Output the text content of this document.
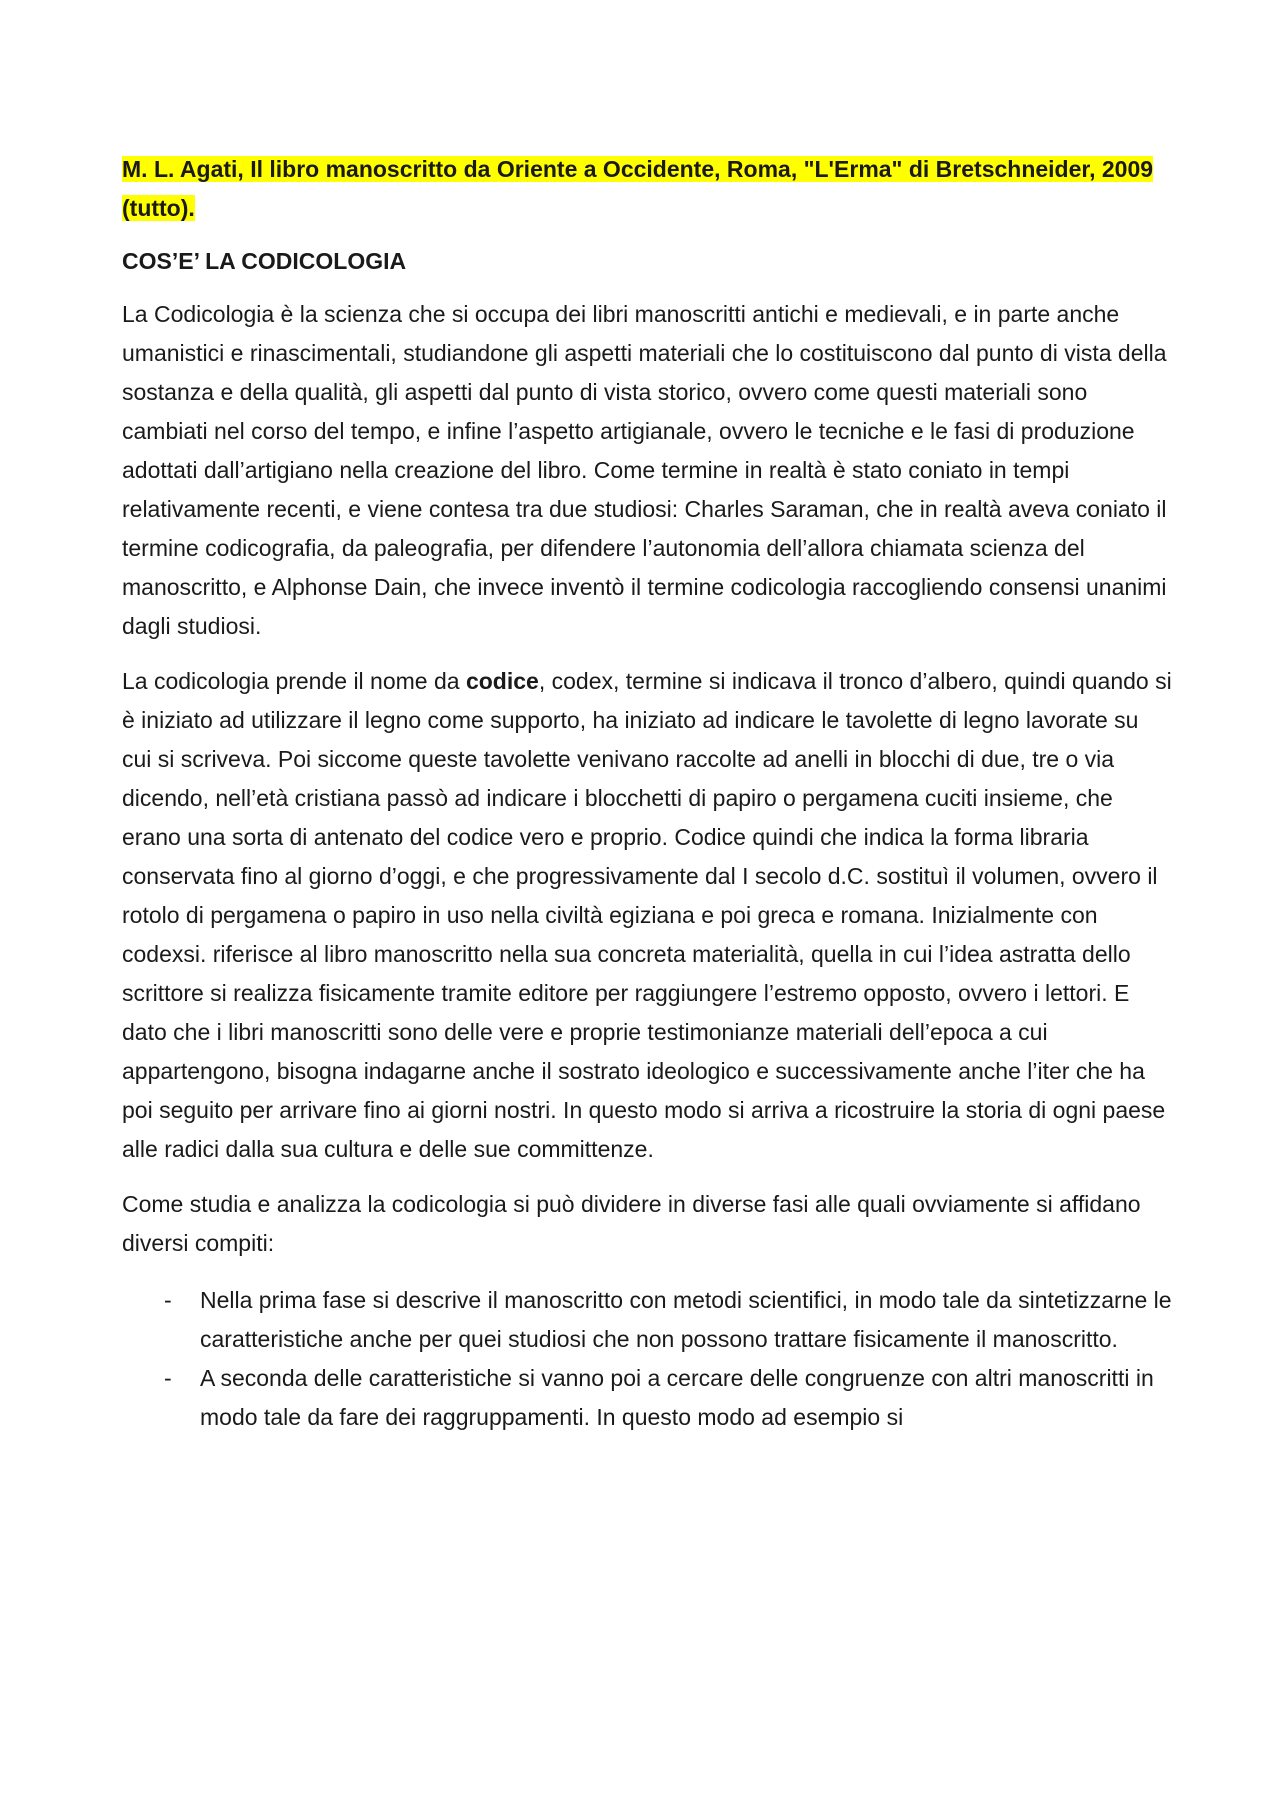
M. L. Agati, Il libro manoscritto da Oriente a Occidente, Roma, "L'Erma" di Bretschneider, 2009 (tutto).

COS’E’ LA CODICOLOGIA

La Codicologia è la scienza che si occupa dei libri manoscritti antichi e medievali, e in parte anche umanistici e rinascimentali, studiandone gli aspetti materiali che lo costituiscono dal punto di vista della sostanza e della qualità, gli aspetti dal punto di vista storico, ovvero come questi materiali sono cambiati nel corso del tempo, e infine l’aspetto artigianale, ovvero le tecniche e le fasi di produzione adottati dall’artigiano nella creazione del libro. Come termine in realtà è stato coniato in tempi relativamente recenti, e viene contesa tra due studiosi: Charles Saraman, che in realtà aveva coniato il termine codicografia, da paleografia, per difendere l’autonomia dell’allora chiamata scienza del manoscritto, e Alphonse Dain, che invece inventò il termine codicologia raccogliendo consensi unanimi dagli studiosi.

La codicologia prende il nome da codice, codex, termine si indicava il tronco d’albero, quindi quando si è iniziato ad utilizzare il legno come supporto, ha iniziato ad indicare le tavolette di legno lavorate su cui si scriveva. Poi siccome queste tavolette venivano raccolte ad anelli in blocchi di due, tre o via dicendo, nell’età cristiana passò ad indicare i blocchetti di papiro o pergamena cuciti insieme, che erano una sorta di antenato del codice vero e proprio. Codice quindi che indica la forma libraria conservata fino al giorno d’oggi, e che progressivamente dal I secolo d.C. sostituì il volumen, ovvero il rotolo di pergamena o papiro in uso nella civiltà egiziana e poi greca e romana. Inizialmente con codexsi. riferisce al libro manoscritto nella sua concreta materialità, quella in cui l’idea astratta dello scrittore si realizza fisicamente tramite editore per raggiungere l’estremo opposto, ovvero i lettori. E dato che i libri manoscritti sono delle vere e proprie testimonianze materiali dell’epoca a cui appartengono, bisogna indagarne anche il sostrato ideologico e successivamente anche l’iter che ha poi seguito per arrivare fino ai giorni nostri. In questo modo si arriva a ricostruire la storia di ogni paese alle radici dalla sua cultura e delle sue committenze.

Come studia e analizza la codicologia si può dividere in diverse fasi alle quali ovviamente si affidano diversi compiti:

- Nella prima fase si descrive il manoscritto con metodi scientifici, in modo tale da sintetizzarne le caratteristiche anche per quei studiosi che non possono trattare fisicamente il manoscritto.
- A seconda delle caratteristiche si vanno poi a cercare delle congruenze con altri manoscritti in modo tale da fare dei raggruppamenti. In questo modo ad esempio si
